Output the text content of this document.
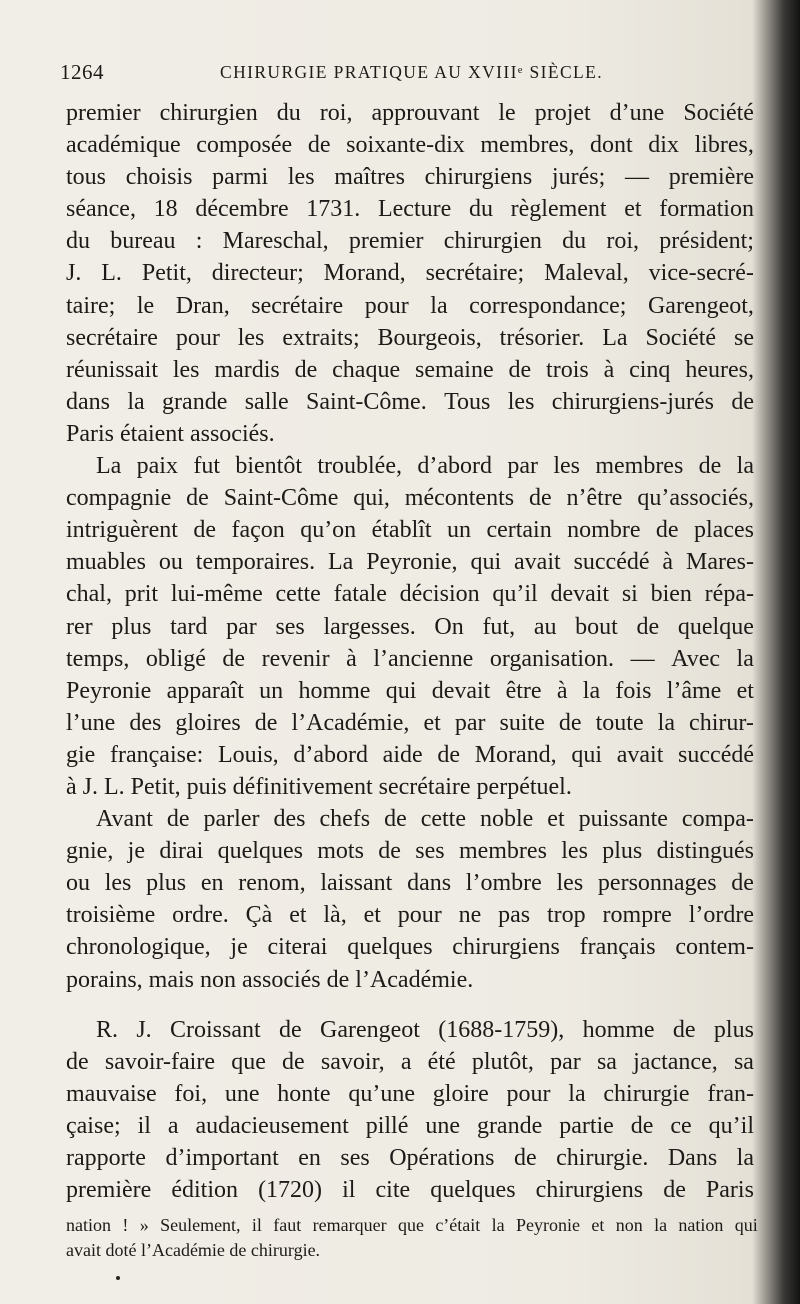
1264	CHIRURGIE PRATIQUE AU XVIIIᵉ SIÈCLE.
premier chirurgien du roi, approuvant le projet d’une Société
académique composée de soixante-dix membres, dont dix libres,
tous choisis parmi les maîtres chirurgiens jurés; — première
séance, 18 décembre 1731. Lecture du règlement et formation
du bureau : Mareschal, premier chirurgien du roi, président;
J. L. Petit, directeur; Morand, secrétaire; Maleval, vice-secré-
taire; le Dran, secrétaire pour la correspondance; Garengeot,
secrétaire pour les extraits; Bourgeois, trésorier. La Société se
réunissait les mardis de chaque semaine de trois à cinq heures,
dans la grande salle Saint-Côme. Tous les chirurgiens-jurés de
Paris étaient associés.
La paix fut bientôt troublée, d’abord par les membres de la
compagnie de Saint-Côme qui, mécontents de n’être qu’associés,
intriguèrent de façon qu’on établît un certain nombre de places
muables ou temporaires. La Peyronie, qui avait succédé à Mares-
chal, prit lui-même cette fatale décision qu’il devait si bien répa-
rer plus tard par ses largesses. On fut, au bout de quelque
temps, obligé de revenir à l’ancienne organisation. — Avec la
Peyronie apparaît un homme qui devait être à la fois l’âme et
l’une des gloires de l’Académie, et par suite de toute la chirur-
gie française: Louis, d’abord aide de Morand, qui avait succédé
à J. L. Petit, puis définitivement secrétaire perpétuel.
Avant de parler des chefs de cette noble et puissante compa-
gnie, je dirai quelques mots de ses membres les plus distingués
ou les plus en renom, laissant dans l’ombre les personnages de
troisième ordre. Çà et là, et pour ne pas trop rompre l’ordre
chronologique, je citerai quelques chirurgiens français contem-
porains, mais non associés de l’Académie.
R. J. Croissant de Garengeot (1688-1759), homme de plus
de savoir-faire que de savoir, a été plutôt, par sa jactance, sa
mauvaise foi, une honte qu’une gloire pour la chirurgie fran-
çaise; il a audacieusement pillé une grande partie de ce qu’il
rapporte d’important en ses Opérations de chirurgie. Dans la
première édition (1720) il cite quelques chirurgiens de Paris
nation ! » Seulement, il faut remarquer que c’était la Peyronie et non la nation qui
avait doté l’Académie de chirurgie.
